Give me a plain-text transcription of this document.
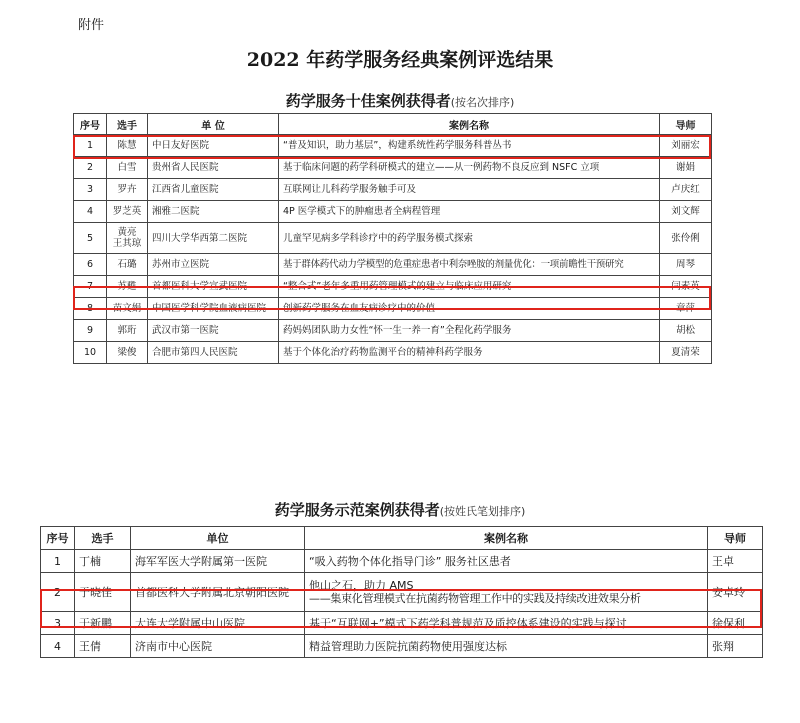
附件
2022 年药学服务经典案例评选结果
药学服务十佳案例获得者(按名次排序)
序号	选手	单 位	案例名称	导师
1	陈慧	中日友好医院	“普及知识，助力基层”，构建系统性药学服务科普丛书	刘丽宏
2	白雪	贵州省人民医院	基于临床问题的药学科研模式的建立——从一例药物不良反应到 NSFC 立项	谢娟
3	罗卉	江西省儿童医院	互联网让儿科药学服务触手可及	卢庆红
4	罗芝英	湘雅二医院	4P 医学模式下的肿瘤患者全病程管理	刘文辉
5	黄亮
王其琼	四川大学华西第二医院	儿童罕见病多学科诊疗中的药学服务模式探索	张伶俐
6	石璐	苏州市立医院	基于群体药代动力学模型的危重症患者中利奈唑胺的剂量优化：一项前瞻性干预研究	周琴
7	苏甦	首都医科大学宣武医院	“整合式”老年多重用药管理模式的建立与临床应用研究	闫素英
8	苗文娟	中国医学科学院血液病医院	创新药学服务在血友病诊疗中的价值	章萍
9	郭珩	武汉市第一医院	药妈妈团队助力女性“怀一生一养一育”全程化药学服务	胡松
10	梁俊	合肥市第四人民医院	基于个体化治疗药物监测平台的精神科药学服务	夏清荣
药学服务示范案例获得者(按姓氏笔划排序)
序号	选手	单位	案例名称	导师
1	丁楠	海军军医大学附属第一医院	“吸入药物个体化指导门诊” 服务社区患者	王卓
2	于晓佳	首都医科大学附属北京朝阳医院	他山之石，助力 AMS
——集束化管理模式在抗菌药物管理工作中的实践及持续改进效果分析	安卓玲
3	于新鹏	大连大学附属中山医院	基于“互联网+”模式下药学科普规范及质控体系建设的实践与探讨	徐保利
4	王倩	济南市中心医院	精益管理助力医院抗菌药物使用强度达标	张翔
